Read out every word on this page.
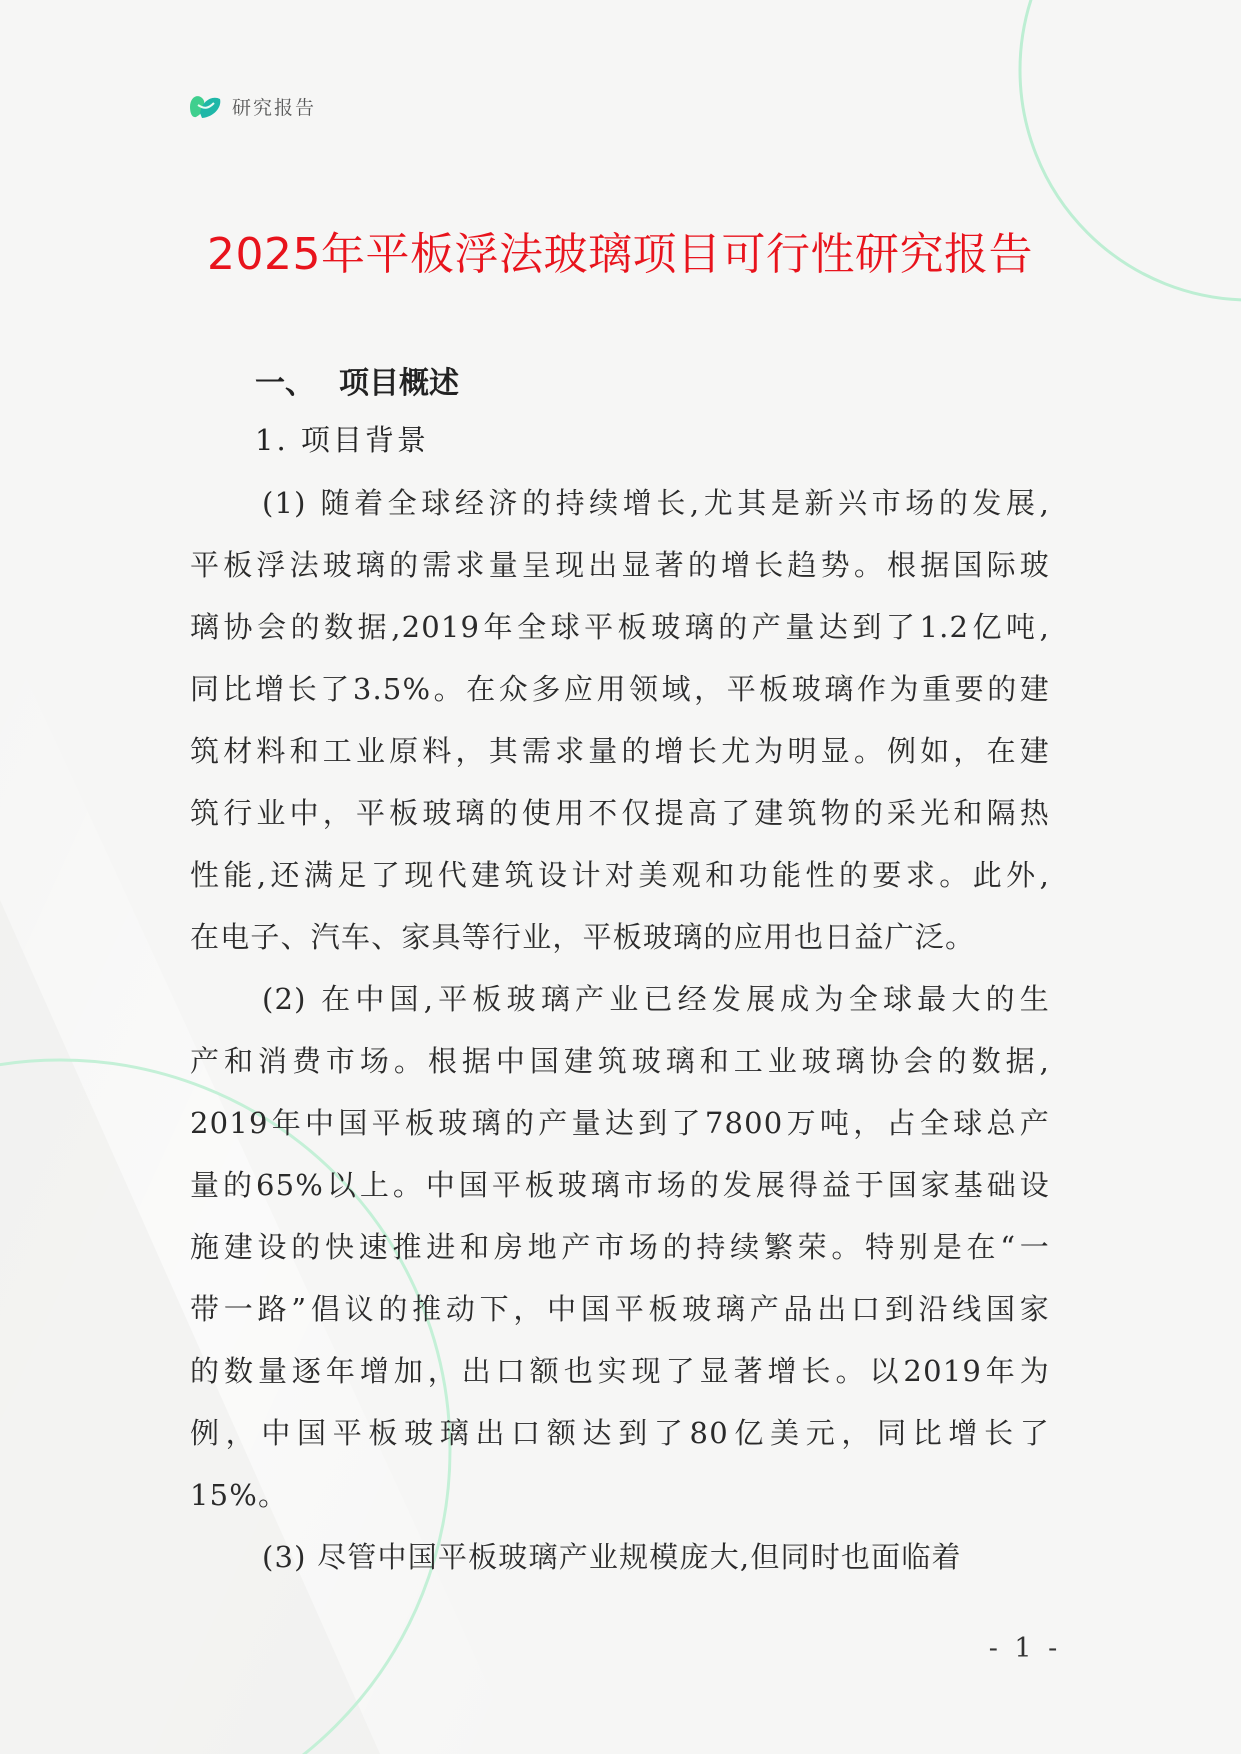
研究报告
2025年平板浮法玻璃项目可行性研究报告
一、 项目概述
1. 项目背景
(1) 随着全球经济的持续增长,尤其是新兴市场的发展,
平板浮法玻璃的需求量呈现出显著的增长趋势。根据国际玻
璃协会的数据,2019年全球平板玻璃的产量达到了1.2亿吨,
同比增长了3.5%。在众多应用领域，平板玻璃作为重要的建
筑材料和工业原料，其需求量的增长尤为明显。例如，在建
筑行业中，平板玻璃的使用不仅提高了建筑物的采光和隔热
性能,还满足了现代建筑设计对美观和功能性的要求。此外,
在电子、汽车、家具等行业，平板玻璃的应用也日益广泛。
(2) 在中国,平板玻璃产业已经发展成为全球最大的生
产和消费市场。根据中国建筑玻璃和工业玻璃协会的数据,
2019年中国平板玻璃的产量达到了7800万吨，占全球总产
量的65%以上。中国平板玻璃市场的发展得益于国家基础设
施建设的快速推进和房地产市场的持续繁荣。特别是在“一
带一路”倡议的推动下，中国平板玻璃产品出口到沿线国家
的数量逐年增加，出口额也实现了显著增长。以2019年为
例，中国平板玻璃出口额达到了80亿美元，同比增长了
15%。
(3) 尽管中国平板玻璃产业规模庞大,但同时也面临着
- 1 -
